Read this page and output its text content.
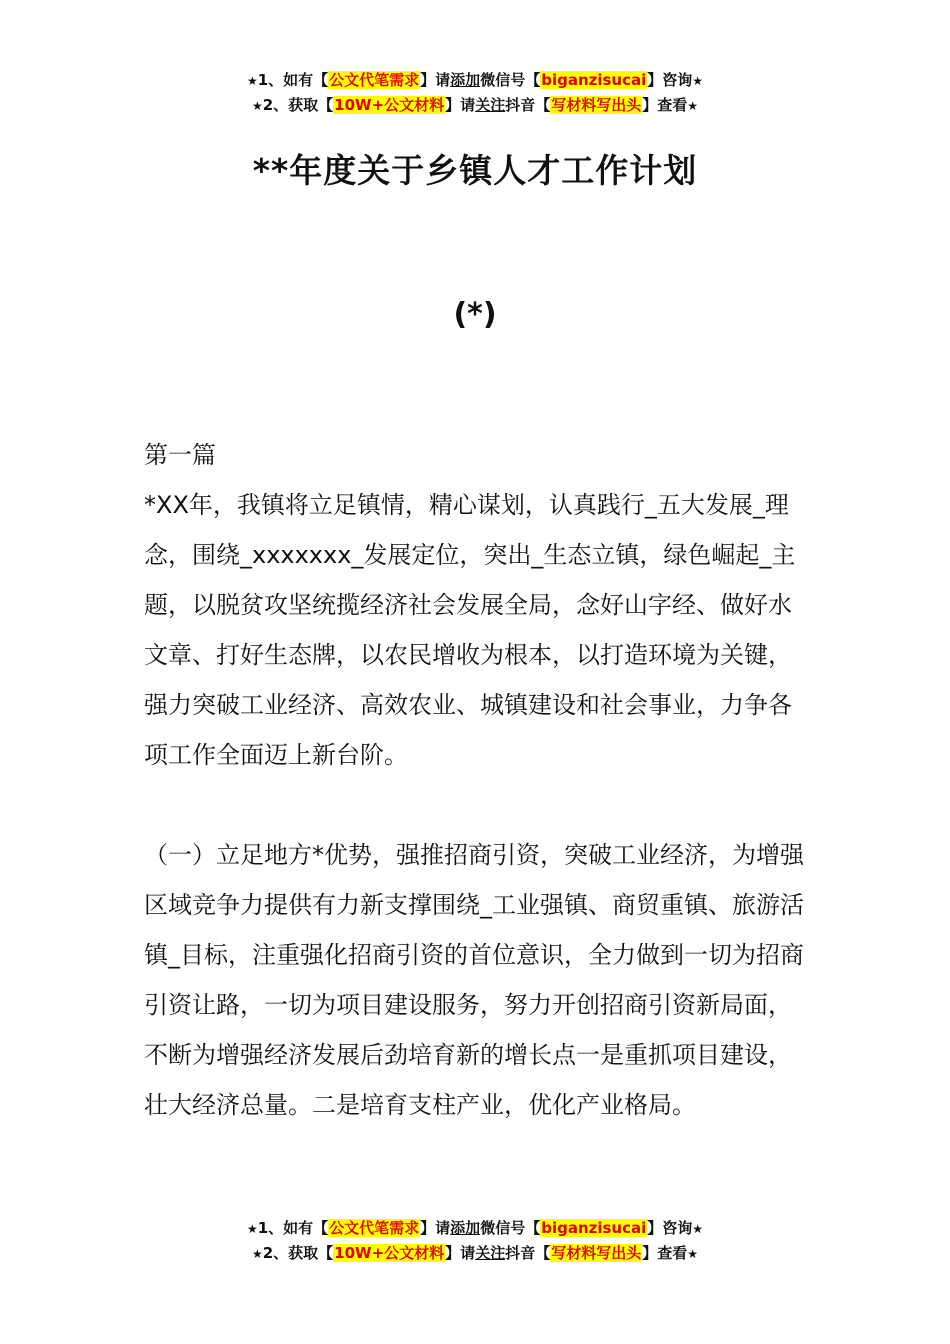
★1、如有【公文代笔需求】请添加微信号【biganzisucai】咨询★
★2、获取【10W+公文材料】请关注抖音【写材料写出头】查看★
**年度关于乡镇人才工作计划
(*)

第一篇

*XX年，我镇将立足镇情，精心谋划，认真践行_五大发展_理念，围绕_xxxxxxx_发展定位，突出_生态立镇，绿色崛起_主题，以脱贫攻坚统揽经济社会发展全局，念好山字经、做好水文章、打好生态牌，以农民增收为根本，以打造环境为关键，强力突破工业经济、高效农业、城镇建设和社会事业，力争各项工作全面迈上新台阶。

（一）立足地方*优势，强推招商引资，突破工业经济，为增强区域竞争力提供有力新支撑围绕_工业强镇、商贸重镇、旅游活镇_目标，注重强化招商引资的首位意识，全力做到一切为招商引资让路，一切为项目建设服务，努力开创招商引资新局面，不断为增强经济发展后劲培育新的增长点一是重抓项目建设，壮大经济总量。二是培育支柱产业，优化产业格局。

★1、如有【公文代笔需求】请添加微信号【biganzisucai】咨询★
★2、获取【10W+公文材料】请关注抖音【写材料写出头】查看★
